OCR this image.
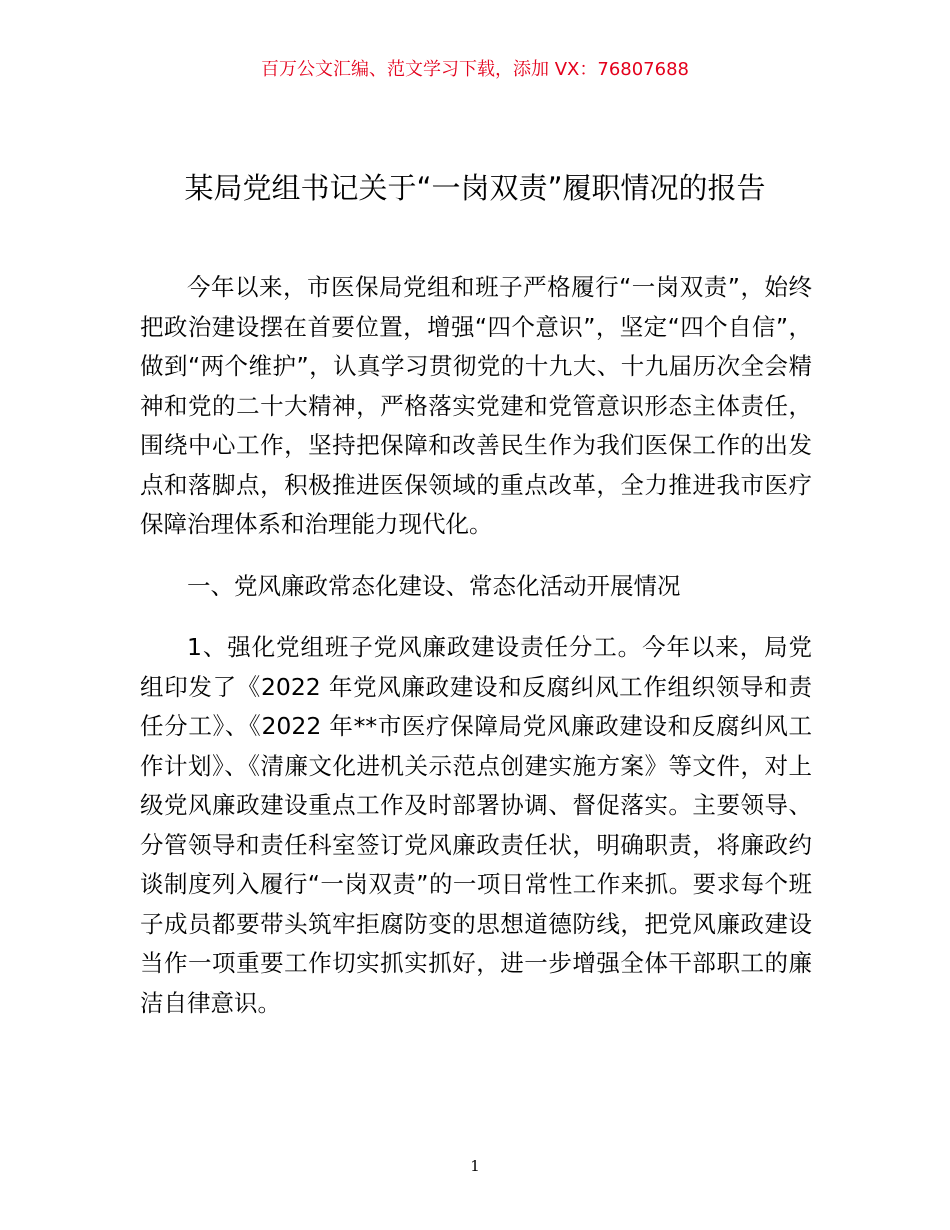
百万公文汇编、范文学习下载，添加 VX：76807688
某局党组书记关于“一岗双责”履职情况的报告

今年以来，市医保局党组和班子严格履行“一岗双责”，始终把政治建设摆在首要位置，增强“四个意识”，坚定“四个自信”，做到“两个维护”，认真学习贯彻党的十九大、十九届历次全会精神和党的二十大精神，严格落实党建和党管意识形态主体责任，围绕中心工作，坚持把保障和改善民生作为我们医保工作的出发点和落脚点，积极推进医保领域的重点改革，全力推进我市医疗保障治理体系和治理能力现代化。

一、党风廉政常态化建设、常态化活动开展情况

1、强化党组班子党风廉政建设责任分工。今年以来，局党组印发了《2022 年党风廉政建设和反腐纠风工作组织领导和责任分工》、《2022 年**市医疗保障局党风廉政建设和反腐纠风工作计划》、《清廉文化进机关示范点创建实施方案》等文件，对上级党风廉政建设重点工作及时部署协调、督促落实。主要领导、分管领导和责任科室签订党风廉政责任状，明确职责，将廉政约谈制度列入履行“一岗双责”的一项日常性工作来抓。要求每个班子成员都要带头筑牢拒腐防变的思想道德防线，把党风廉政建设当作一项重要工作切实抓实抓好，进一步增强全体干部职工的廉洁自律意识。

1
